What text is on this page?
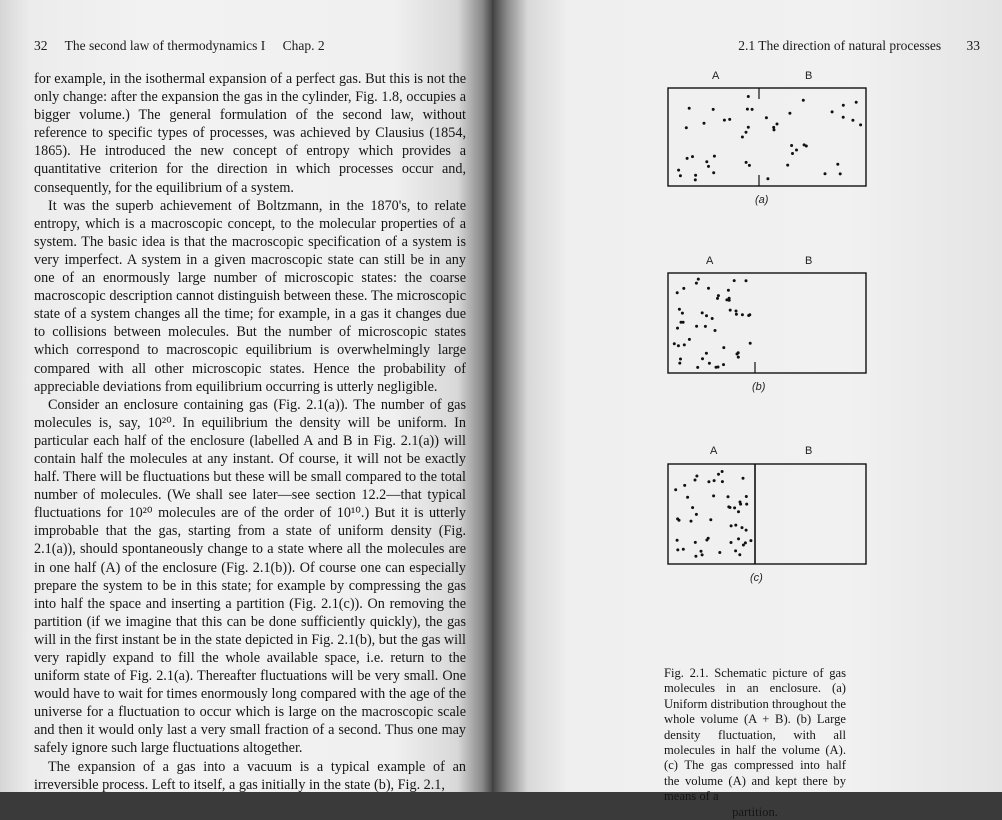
32 The second law of thermodynamics I Chap. 2

for example, in the isothermal expansion of a perfect gas. But this is not the only change: after the expansion the gas in the cylinder, Fig. 1.8, occupies a bigger volume.) The general formulation of the second law, without reference to specific types of processes, was achieved by Clausius (1854, 1865). He introduced the new concept of entropy which provides a quantitative criterion for the direction in which processes occur and, consequently, for the equilibrium of a system.

It was the superb achievement of Boltzmann, in the 1870's, to relate entropy, which is a macroscopic concept, to the molecular properties of a system. The basic idea is that the macroscopic specification of a system is very imperfect. A system in a given macroscopic state can still be in any one of an enormously large number of microscopic states: the coarse macroscopic description cannot distinguish between these. The microscopic state of a system changes all the time; for example, in a gas it changes due to collisions between molecules. But the number of microscopic states which correspond to macroscopic equilibrium is overwhelmingly large compared with all other microscopic states. Hence the probability of appreciable deviations from equilibrium occurring is utterly negligible.

Consider an enclosure containing gas (Fig. 2.1(a)). The number of gas molecules is, say, 10²⁰. In equilibrium the density will be uniform. In particular each half of the enclosure (labelled A and B in Fig. 2.1(a)) will contain half the molecules at any instant. Of course, it will not be exactly half. There will be fluctuations but these will be small compared to the total number of molecules. (We shall see later—see section 12.2—that typical fluctuations for 10²⁰ molecules are of the order of 10¹⁰.) But it is utterly improbable that the gas, starting from a state of uniform density (Fig. 2.1(a)), should spontaneously change to a state where all the molecules are in one half (A) of the enclosure (Fig. 2.1(b)). Of course one can especially prepare the system to be in this state; for example by compressing the gas into half the space and inserting a partition (Fig. 2.1(c)). On removing the partition (if we imagine that this can be done sufficiently quickly), the gas will in the first instant be in the state depicted in Fig. 2.1(b), but the gas will very rapidly expand to fill the whole available space, i.e. return to the uniform state of Fig. 2.1(a). Thereafter fluctuations will be very small. One would have to wait for times enormously long compared with the age of the universe for a fluctuation to occur which is large on the macroscopic scale and then it would only last a very small fraction of a second. Thus one may safely ignore such large fluctuations altogether.

The expansion of a gas into a vacuum is a typical example of an irreversible process. Left to itself, a gas initially in the state (b), Fig. 2.1,

2.1 The direction of natural processes 33
A	B
(a)
A	B
(b)
A	B
(c)
Fig. 2.1. Schematic picture of gas molecules in an enclosure. (a) Uniform distribution throughout the whole volume (A + B). (b) Large density fluctuation, with all molecules in half the volume (A). (c) The gas compressed into half the volume (A) and kept there by means of a
partition.
